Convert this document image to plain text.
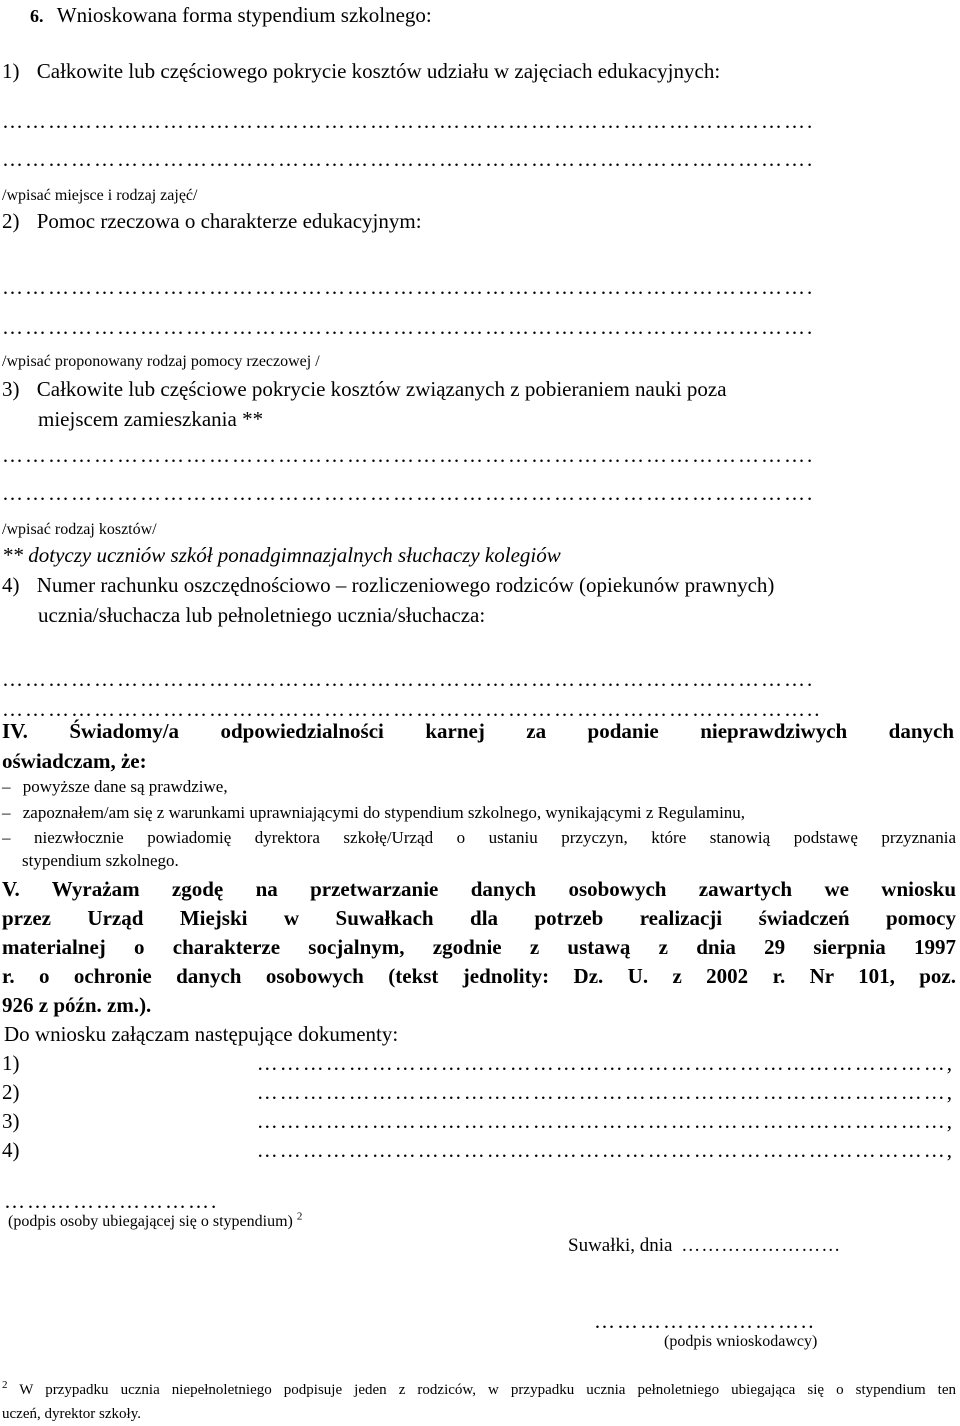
6. Wnioskowana forma stypendium szkolnego:
1) Całkowite lub częściowego pokrycie kosztów udziału w zajęciach edukacyjnych:
…………………………………………………………………………………………….
…………………………………………………………………………………………….
/wpisać miejsce i rodzaj zajęć/
2) Pomoc rzeczowa o charakterze edukacyjnym:
…………………………………………………………………………………………….
…………………………………………………………………………………………….
/wpisać proponowany rodzaj pomocy rzeczowej /
3) Całkowite lub częściowe pokrycie kosztów związanych z pobieraniem nauki poza
miejscem zamieszkania **
…………………………………………………………………………………………….
…………………………………………………………………………………………….
/wpisać rodzaj kosztów/
** dotyczy uczniów szkół ponadgimnazjalnych słuchaczy kolegiów
4) Numer rachunku oszczędnościowo – rozliczeniowego rodziców (opiekunów prawnych)
ucznia/słuchacza lub pełnoletniego ucznia/słuchacza:
…………………………………………………………………………………………….
……………………………………………………………………………………………..
IV. Świadomy/a odpowiedzialności karnej za podanie nieprawdziwych danych
oświadczam, że:
– powyższe dane są prawdziwe,
– zapoznałem/am się z warunkami uprawniającymi do stypendium szkolnego, wynikającymi z Regulaminu,
– niezwłocznie powiadomię dyrektora szkołę/Urząd o ustaniu przyczyn, które stanowią podstawę przyznania
stypendium szkolnego.
V. Wyrażam zgodę na przetwarzanie danych osobowych zawartych we wniosku
przez Urząd Miejski w Suwałkach dla potrzeb realizacji świadczeń pomocy
materialnej o charakterze socjalnym, zgodnie z ustawą z dnia 29 sierpnia 1997
r. o ochronie danych osobowych (tekst jednolity: Dz. U. z 2002 r. Nr 101, poz.
926 z późn. zm.).
Do wniosku załączam następujące dokumenty:
1)	………………………………………………………………………………,
2)	………………………………………………………………………………,
3)	………………………………………………………………………………,
4)	………………………………………………………………………………,
……………………….
(podpis osoby ubiegającej się o stypendium) $^2$
Suwałki, dnia ……………………
………………………..
(podpis wnioskodawcy)
$^2$ W przypadku ucznia niepełnoletniego podpisuje jeden z rodziców, w przypadku ucznia pełnoletniego ubiegająca się o stypendium ten
uczeń, dyrektor szkoły.
